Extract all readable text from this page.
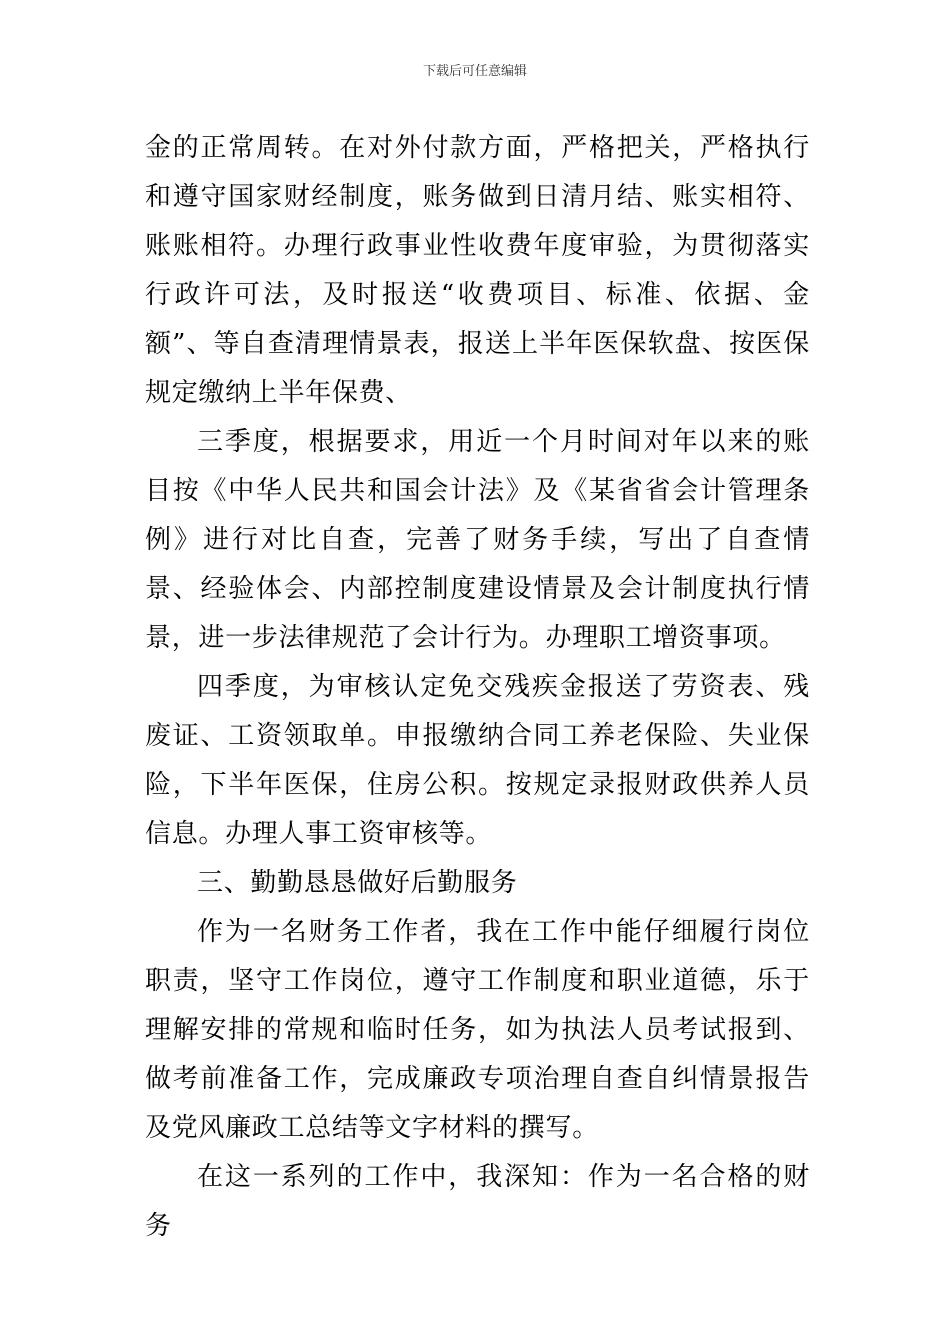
下载后可任意编辑

金的正常周转。在对外付款方面，严格把关，严格执行和遵守国家财经制度，账务做到日清月结、账实相符、账账相符。办理行政事业性收费年度审验，为贯彻落实行政许可法，及时报送“收费项目、标准、依据、金额”、等自查清理情景表，报送上半年医保软盘、按医保规定缴纳上半年保费、

三季度，根据要求，用近一个月时间对年以来的账目按《中华人民共和国会计法》及《某省省会计管理条例》进行对比自查，完善了财务手续，写出了自查情景、经验体会、内部控制度建设情景及会计制度执行情景，进一步法律规范了会计行为。办理职工增资事项。

四季度，为审核认定免交残疾金报送了劳资表、残废证、工资领取单。申报缴纳合同工养老保险、失业保险，下半年医保，住房公积。按规定录报财政供养人员信息。办理人事工资审核等。

三、勤勤恳恳做好后勤服务

作为一名财务工作者，我在工作中能仔细履行岗位职责，坚守工作岗位，遵守工作制度和职业道德，乐于理解安排的常规和临时任务，如为执法人员考试报到、做考前准备工作，完成廉政专项治理自查自纠情景报告及党风廉政工总结等文字材料的撰写。

在这一系列的工作中，我深知：作为一名合格的财务
